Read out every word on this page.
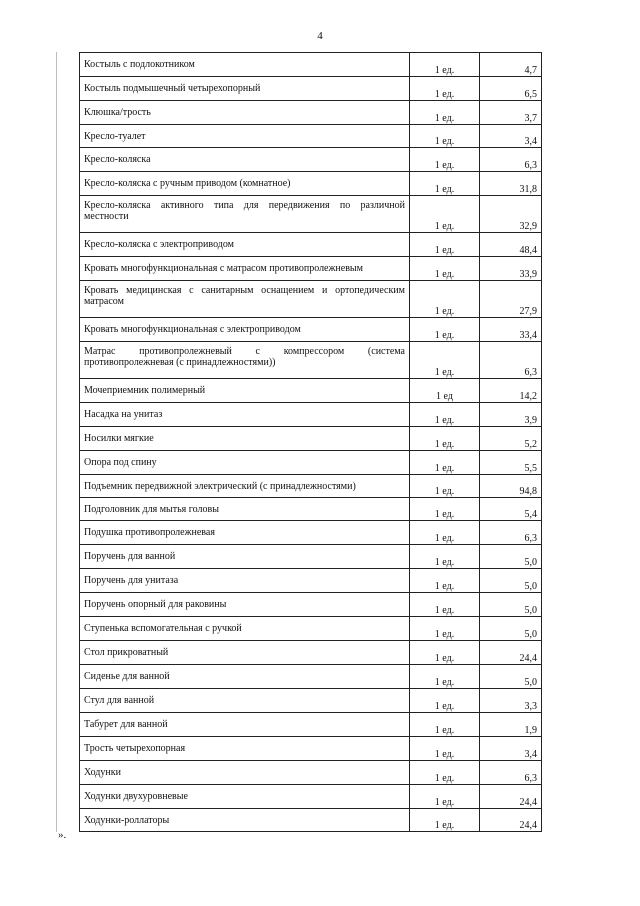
4
Костыль с подлокотником	1 ед.	4,7
Костыль подмышечный четырехопорный	1 ед.	6,5
Клюшка/трость	1 ед.	3,7
Кресло-туалет	1 ед.	3,4
Кресло-коляска	1 ед.	6,3
Кресло-коляска с ручным приводом (комнатное)	1 ед.	31,8
Кресло-коляска активного типа для передвижения по различной местности	1 ед.	32,9
Кресло-коляска с электроприводом	1 ед.	48,4
Кровать многофункциональная с матрасом противопролежневым	1 ед.	33,9
Кровать медицинская с санитарным оснащением и ортопедическим матрасом	1 ед.	27,9
Кровать многофункциональная с электроприводом	1 ед.	33,4
Матрас противопролежневый с компрессором (система противопролежневая (с принадлежностями))	1 ед.	6,3
Мочеприемник полимерный	1 ед	14,2
Насадка на унитаз	1 ед.	3,9
Носилки мягкие	1 ед.	5,2
Опора под спину	1 ед.	5,5
Подъемник передвижной электрический (с принадлежностями)	1 ед.	94,8
Подголовник для мытья головы	1 ед.	5,4
Подушка противопролежневая	1 ед.	6,3
Поручень для ванной	1 ед.	5,0
Поручень для унитаза	1 ед.	5,0
Поручень опорный для раковины	1 ед.	5,0
Ступенька вспомогательная с ручкой	1 ед.	5,0
Стол прикроватный	1 ед.	24,4
Сиденье для ванной	1 ед.	5,0
Стул для ванной	1 ед.	3,3
Табурет для ванной	1 ед.	1,9
Трость четырехопорная	1 ед.	3,4
Ходунки	1 ед.	6,3
Ходунки двухуровневые	1 ед.	24,4
Ходунки-роллаторы	1 ед.	24,4
».
